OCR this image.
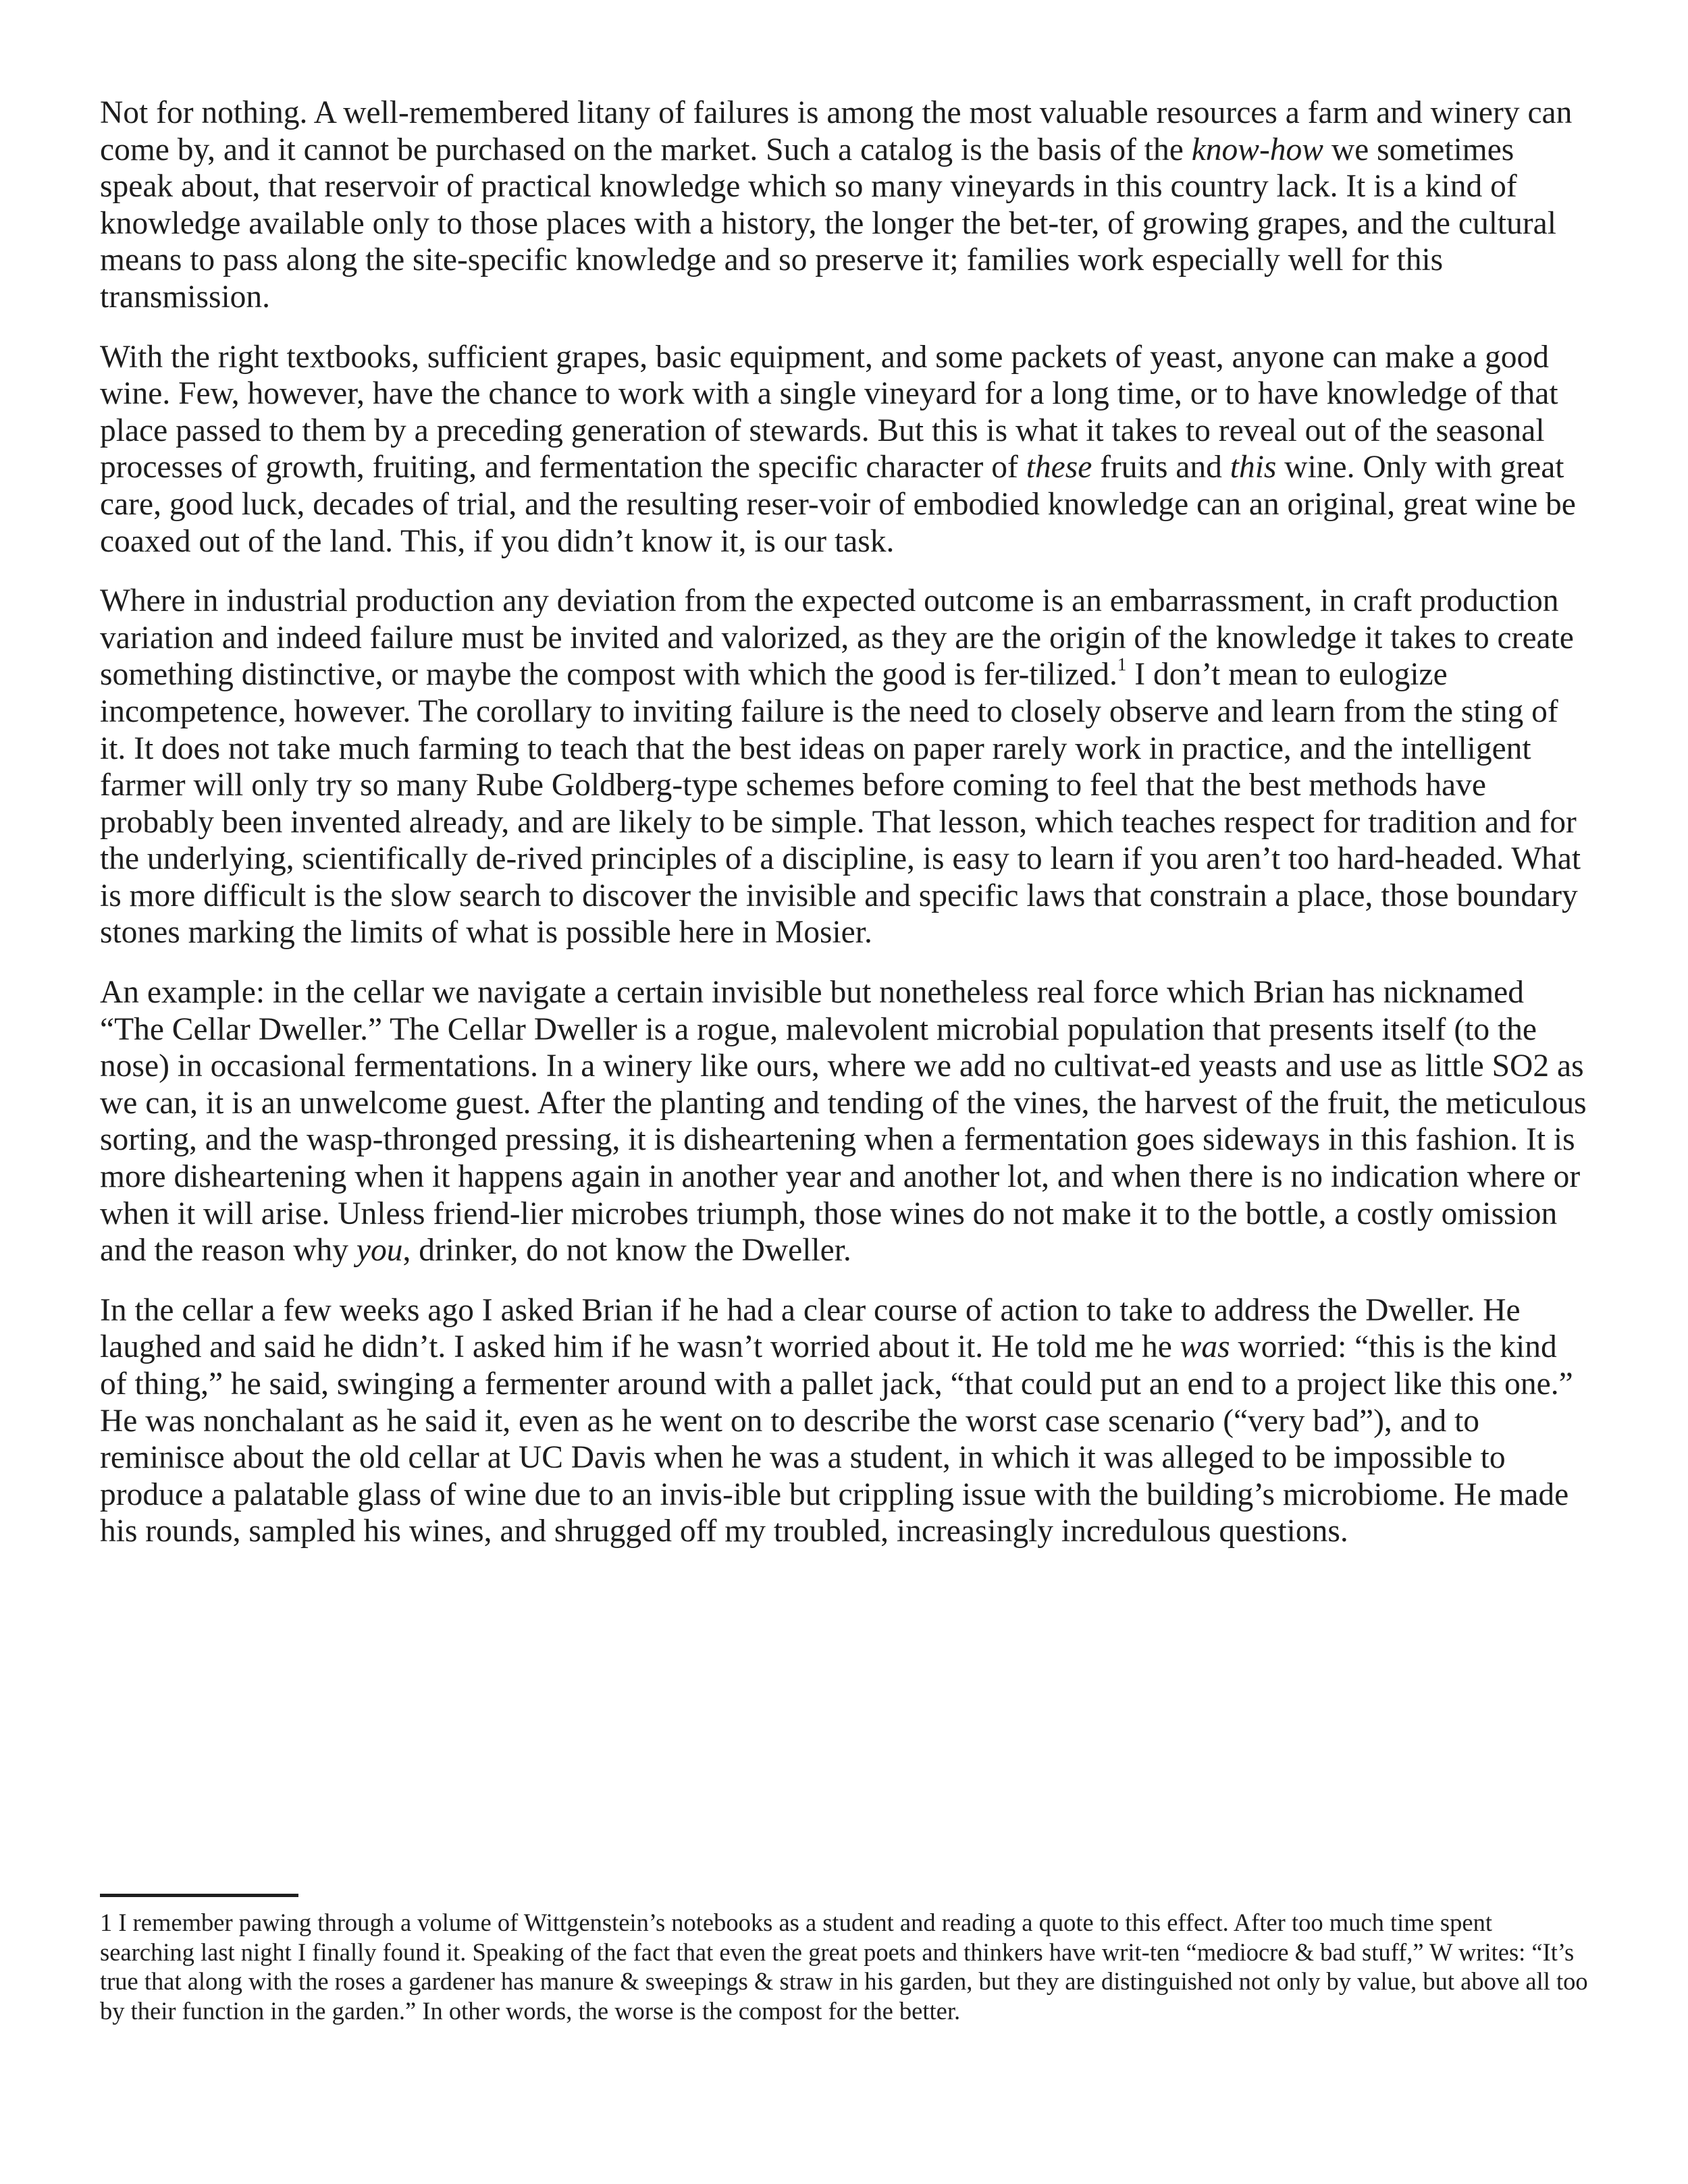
Not for nothing. A well-remembered litany of failures is among the most valuable resources a farm and winery can come by, and it cannot be purchased on the market. Such a catalog is the basis of the know-how we sometimes speak about, that reservoir of practical knowledge which so many vineyards in this country lack. It is a kind of knowledge available only to those places with a history, the longer the bet-ter, of growing grapes, and the cultural means to pass along the site-specific knowledge and so preserve it; families work especially well for this transmission.

With the right textbooks, sufficient grapes, basic equipment, and some packets of yeast, anyone can make a good wine. Few, however, have the chance to work with a single vineyard for a long time, or to have knowledge of that place passed to them by a preceding generation of stewards. But this is what it takes to reveal out of the seasonal processes of growth, fruiting, and fermentation the specific character of these fruits and this wine. Only with great care, good luck, decades of trial, and the resulting reser-voir of embodied knowledge can an original, great wine be coaxed out of the land. This, if you didn’t know it, is our task.

Where in industrial production any deviation from the expected outcome is an embarrassment, in craft production variation and indeed failure must be invited and valorized, as they are the origin of the knowledge it takes to create something distinctive, or maybe the compost with which the good is fer-tilized.$^1$ I don’t mean to eulogize incompetence, however. The corollary to inviting failure is the need to closely observe and learn from the sting of it. It does not take much farming to teach that the best ideas on paper rarely work in practice, and the intelligent farmer will only try so many Rube Goldberg-type schemes before coming to feel that the best methods have probably been invented already, and are likely to be simple. That lesson, which teaches respect for tradition and for the underlying, scientifically de-rived principles of a discipline, is easy to learn if you aren’t too hard-headed. What is more difficult is the slow search to discover the invisible and specific laws that constrain a place, those boundary stones marking the limits of what is possible here in Mosier.

An example: in the cellar we navigate a certain invisible but nonetheless real force which Brian has nicknamed “The Cellar Dweller.” The Cellar Dweller is a rogue, malevolent microbial population that presents itself (to the nose) in occasional fermentations. In a winery like ours, where we add no cultivat-ed yeasts and use as little SO2 as we can, it is an unwelcome guest. After the planting and tending of the vines, the harvest of the fruit, the meticulous sorting, and the wasp-thronged pressing, it is disheartening when a fermentation goes sideways in this fashion. It is more disheartening when it happens again in another year and another lot, and when there is no indication where or when it will arise. Unless friend-lier microbes triumph, those wines do not make it to the bottle, a costly omission and the reason why you, drinker, do not know the Dweller.

In the cellar a few weeks ago I asked Brian if he had a clear course of action to take to address the Dweller. He laughed and said he didn’t. I asked him if he wasn’t worried about it. He told me he was worried: “this is the kind of thing,” he said, swinging a fermenter around with a pallet jack, “that could put an end to a project like this one.” He was nonchalant as he said it, even as he went on to describe the worst case scenario (“very bad”), and to reminisce about the old cellar at UC Davis when he was a student, in which it was alleged to be impossible to produce a palatable glass of wine due to an invis-ible but crippling issue with the building’s microbiome. He made his rounds, sampled his wines, and shrugged off my troubled, increasingly incredulous questions.

1 I remember pawing through a volume of Wittgenstein’s notebooks as a student and reading a quote to this effect. After too much time spent searching last night I finally found it. Speaking of the fact that even the great poets and thinkers have writ-ten “mediocre & bad stuff,” W writes: “It’s true that along with the roses a gardener has manure & sweepings & straw in his garden, but they are distinguished not only by value, but above all too by their function in the garden.” In other words, the worse is the compost for the better.
